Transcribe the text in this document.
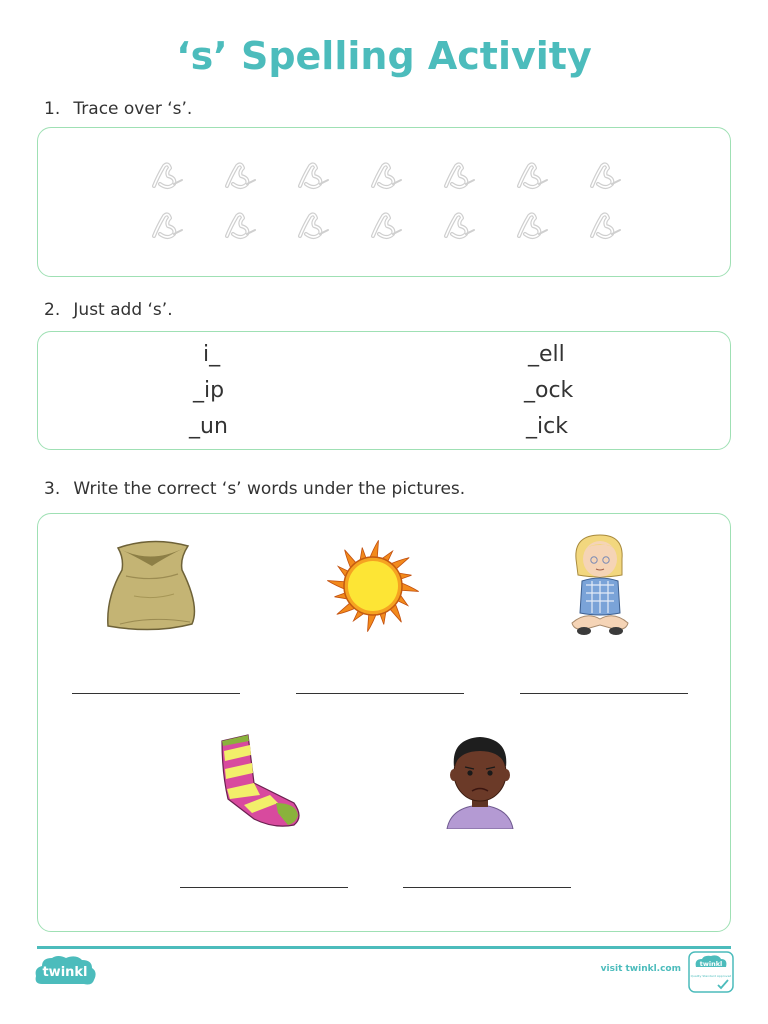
‘s’ Spelling Activity
1. Trace over ‘s’.
2. Just add ‘s’.
i_	_ell
_ip	_ock
_un	_ick
3. Write the correct ‘s’ words under the pictures.
twinkl	visit twinkl.com	twinkl
Quality Standard Approved
